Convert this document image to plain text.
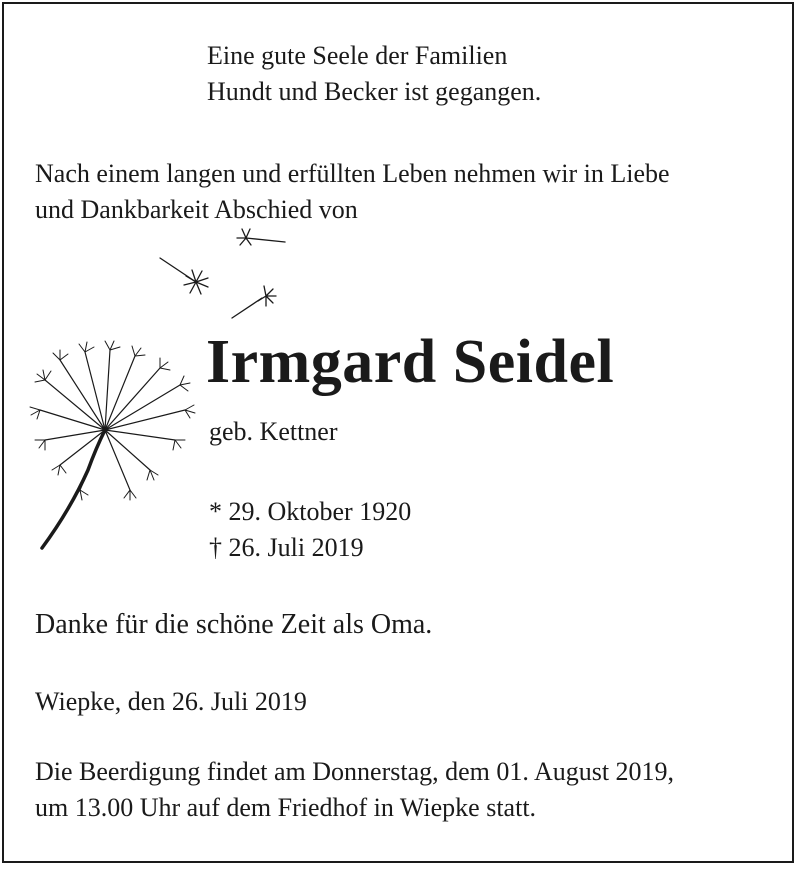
Eine gute Seele der Familien
Hundt und Becker ist gegangen.

Nach einem langen und erfüllten Leben nehmen wir in Liebe
und Dankbarkeit Abschied von

Irmgard Seidel

geb. Kettner

* 29. Oktober 1920
† 26. Juli 2019

Danke für die schöne Zeit als Oma.

Wiepke, den 26. Juli 2019

Die Beerdigung findet am Donnerstag, dem 01. August 2019,
um 13.00 Uhr auf dem Friedhof in Wiepke statt.
